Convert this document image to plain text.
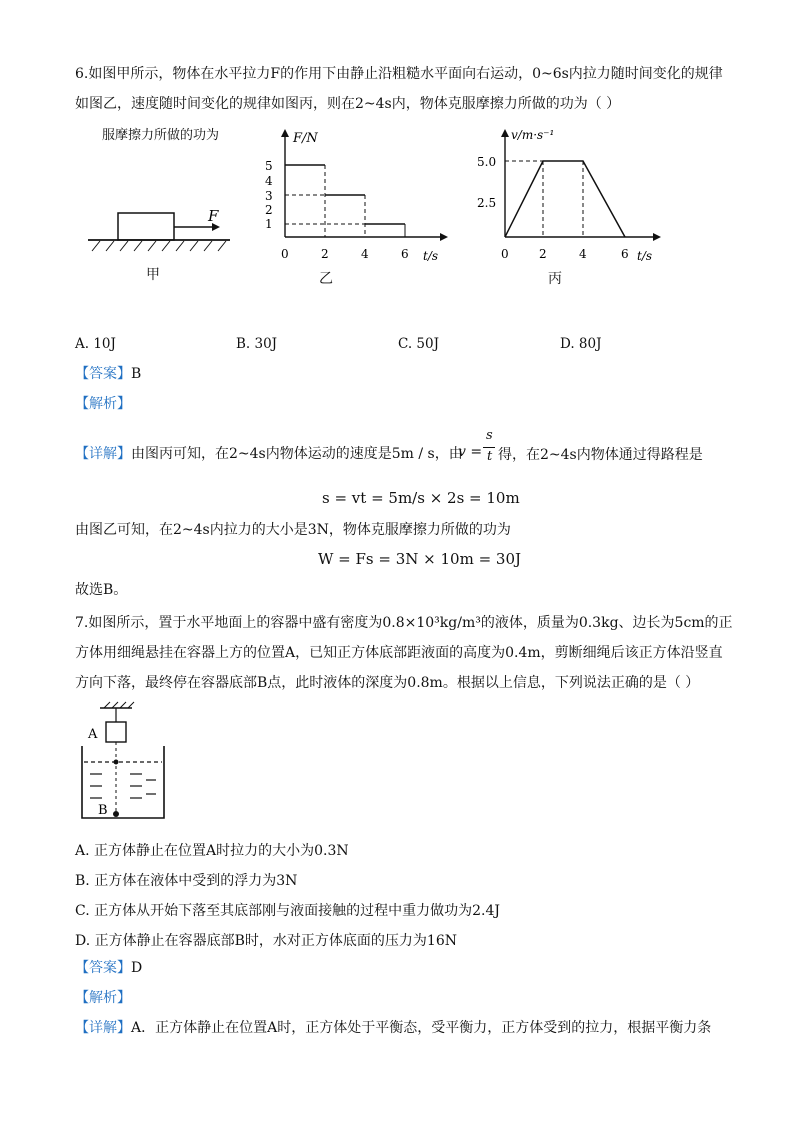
6.如图甲所示，物体在水平拉力F的作用下由静止沿粗糙水平面向右运动，0~6s内拉力随时间变化的规律
如图乙，速度随时间变化的规律如图丙，则在2~4s内，物体克服摩擦力所做的功为（ ）
服摩擦力所做的功为
F
甲
F/N
5
4
3
2
1
0	2	4	6 t/s
乙
v/m·s⁻¹
5.0
2.5
0	2	4	6 t/s
丙
A. 10J	B. 30J	C. 50J	D. 80J
【答案】B
【解析】
【详解】由图丙可知，在2~4s内物体运动的速度是5m / s，由
v =
s
t 得，在2~4s内物体通过得路程是
s = vt = 5m/s × 2s = 10m
由图乙可知，在2~4s内拉力的大小是3N，物体克服摩擦力所做的功为
W = Fs = 3N × 10m = 30J
故选B。
7.如图所示，置于水平地面上的容器中盛有密度为0.8×10³kg/m³的液体，质量为0.3kg、边长为5cm的正
方体用细绳悬挂在容器上方的位置A，已知正方体底部距液面的高度为0.4m，剪断细绳后该正方体沿竖直
方向下落，最终停在容器底部B点，此时液体的深度为0.8m。根据以上信息，下列说法正确的是（ ）
A
B
A. 正方体静止在位置A时拉力的大小为0.3N
B. 正方体在液体中受到的浮力为3N
C. 正方体从开始下落至其底部刚与液面接触的过程中重力做功为2.4J
D. 正方体静止在容器底部B时，水对正方体底面的压力为16N
【答案】D
【解析】
【详解】A．正方体静止在位置A时，正方体处于平衡态，受平衡力，正方体受到的拉力，根据平衡力条
